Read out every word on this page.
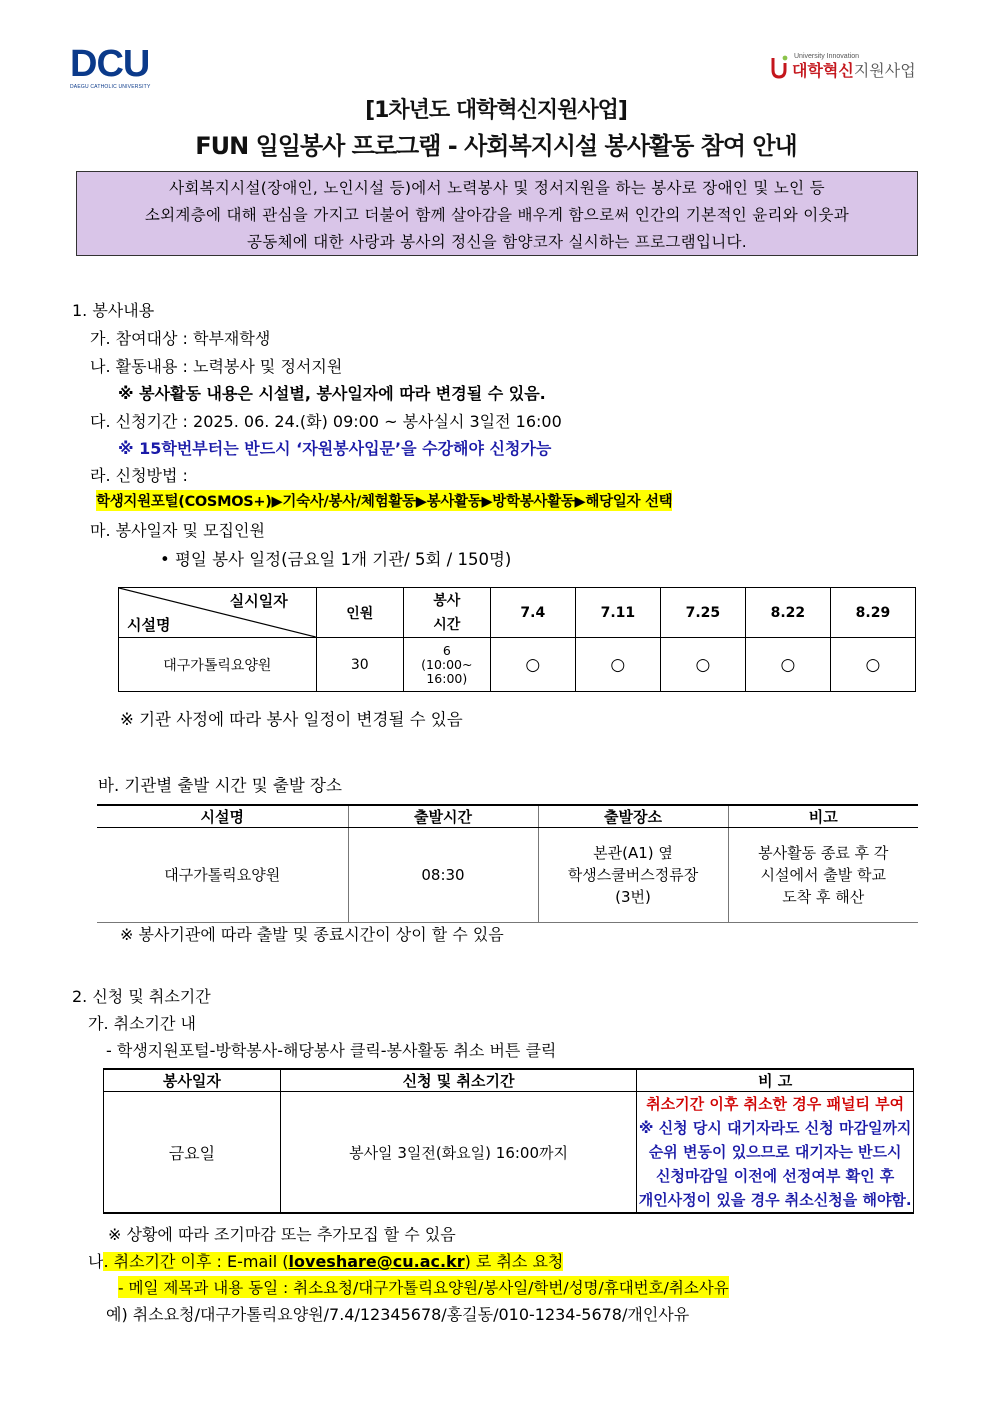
DCU
DAEGU CATHOLIC UNIVERSITY
University Innovation
대학혁신지원사업
[1차년도 대학혁신지원사업]
FUN 일일봉사 프로그램 - 사회복지시설 봉사활동 참여 안내

사회복지시설(장애인, 노인시설 등)에서 노력봉사 및 정서지원을 하는 봉사로 장애인 및 노인 등

소외계층에 대해 관심을 가지고 더불어 함께 살아감을 배우게 함으로써 인간의 기본적인 윤리와 이웃과

공동체에 대한 사랑과 봉사의 정신을 함양코자 실시하는 프로그램입니다.

1. 봉사내용
가. 참여대상 : 학부재학생
나. 활동내용 : 노력봉사 및 정서지원
※ 봉사활동 내용은 시설별, 봉사일자에 따라 변경될 수 있음.
다. 신청기간 : 2025. 06. 24.(화) 09:00 ~ 봉사실시 3일전 16:00
※ 15학번부터는 반드시 ‘자원봉사입문’을 수강해야 신청가능
라. 신청방법 :
학생지원포털(COSMOS+)▶기숙사/봉사/체험활동▶봉사활동▶방학봉사활동▶해당일자 선택
마. 봉사일자 및 모집인원
• 평일 봉사 일정(금요일 1개 기관/ 5회 / 150명)
실시일자
시설명	인원	봉사
시간	7.4	7.11	7.25	8.22	8.29
대구가톨릭요양원	30	6
(10:00~
16:00)	○	○	○	○	○
※ 기관 사정에 따라 봉사 일정이 변경될 수 있음
바. 기관별 출발 시간 및 출발 장소
시설명	출발시간	출발장소	비고
대구가톨릭요양원	08:30	본관(A1) 옆
학생스쿨버스정류장
(3번)	봉사활동 종료 후 각
시설에서 출발 학교
도착 후 해산
※ 봉사기관에 따라 출발 및 종료시간이 상이 할 수 있음
2. 신청 및 취소기간
가. 취소기간 내
- 학생지원포털-방학봉사-해당봉사 클릭-봉사활동 취소 버튼 클릭
봉사일자	신청 및 취소기간	비 고
금요일	봉사일 3일전(화요일) 16:00까지	취소기간 이후 취소한 경우 패널티 부여
※ 신청 당시 대기자라도 신청 마감일까지
순위 변동이 있으므로 대기자는 반드시
신청마감일 이전에 선정여부 확인 후
개인사정이 있을 경우 취소신청을 해야함.
※ 상황에 따라 조기마감 또는 추가모집 할 수 있음
나. 취소기간 이후 : E-mail (loveshare@cu.ac.kr) 로 취소 요청
- 메일 제목과 내용 동일 : 취소요청/대구가톨릭요양원/봉사일/학번/성명/휴대번호/취소사유
예) 취소요청/대구가톨릭요양원/7.4/12345678/홍길동/010-1234-5678/개인사유
